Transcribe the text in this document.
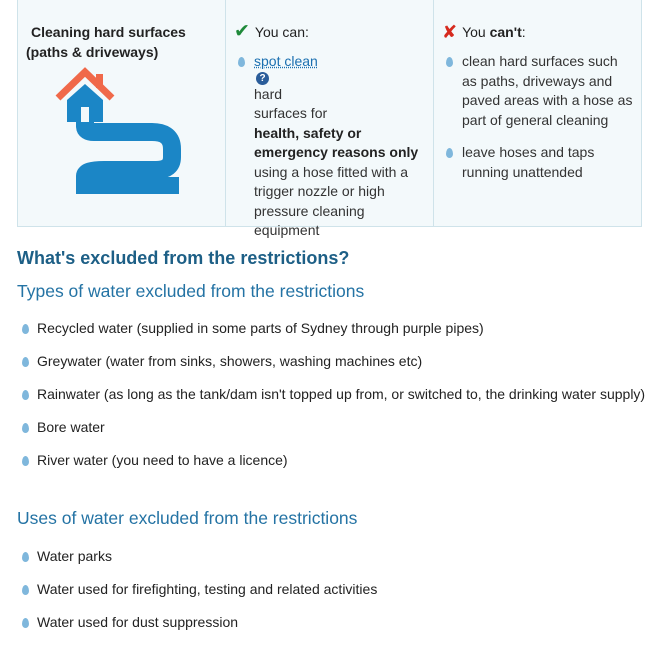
Cleaning hard surfaces
(paths & driveways)
✔ You can:
spot clean
?
hard
surfaces for
health, safety or
emergency reasons only
using a hose fitted with a
trigger nozzle or high
pressure cleaning
equipment
✘ You can't:
clean hard surfaces such
as paths, driveways and
paved areas with a hose as
part of general cleaning
leave hoses and taps
running unattended
What's excluded from the restrictions?
Types of water excluded from the restrictions
Recycled water (supplied in some parts of Sydney through purple pipes)
Greywater (water from sinks, showers, washing machines etc)
Rainwater (as long as the tank/dam isn't topped up from, or switched to, the drinking water supply)
Bore water
River water (you need to have a licence)
Uses of water excluded from the restrictions
Water parks
Water used for firefighting, testing and related activities
Water used for dust suppression
